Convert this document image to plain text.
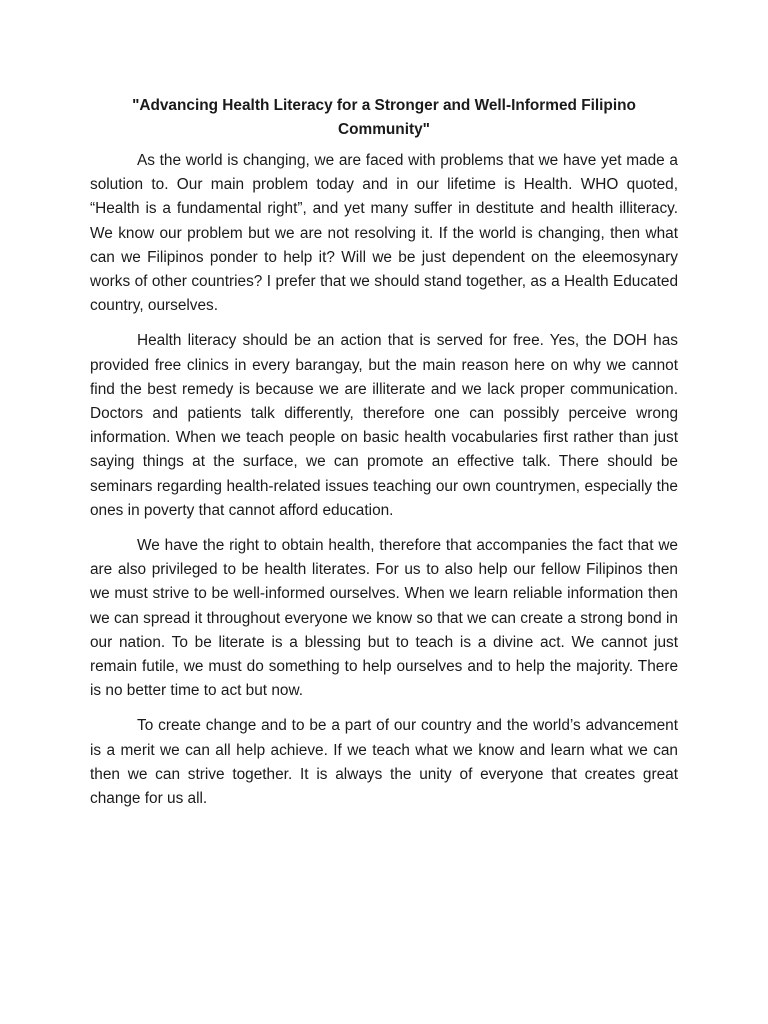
"Advancing Health Literacy for a Stronger and Well-Informed Filipino Community"

As the world is changing, we are faced with problems that we have yet made a solution to. Our main problem today and in our lifetime is Health. WHO quoted, “Health is a fundamental right”, and yet many suffer in destitute and health illiteracy. We know our problem but we are not resolving it. If the world is changing, then what can we Filipinos ponder to help it? Will we be just dependent on the eleemosynary works of other countries? I prefer that we should stand together, as a Health Educated country, ourselves.

Health literacy should be an action that is served for free. Yes, the DOH has provided free clinics in every barangay, but the main reason here on why we cannot find the best remedy is because we are illiterate and we lack proper communication. Doctors and patients talk differently, therefore one can possibly perceive wrong information. When we teach people on basic health vocabularies first rather than just saying things at the surface, we can promote an effective talk. There should be seminars regarding health-related issues teaching our own countrymen, especially the ones in poverty that cannot afford education.

We have the right to obtain health, therefore that accompanies the fact that we are also privileged to be health literates. For us to also help our fellow Filipinos then we must strive to be well-informed ourselves. When we learn reliable information then we can spread it throughout everyone we know so that we can create a strong bond in our nation. To be literate is a blessing but to teach is a divine act. We cannot just remain futile, we must do something to help ourselves and to help the majority. There is no better time to act but now.

To create change and to be a part of our country and the world’s advancement is a merit we can all help achieve. If we teach what we know and learn what we can then we can strive together. It is always the unity of everyone that creates great change for us all.
